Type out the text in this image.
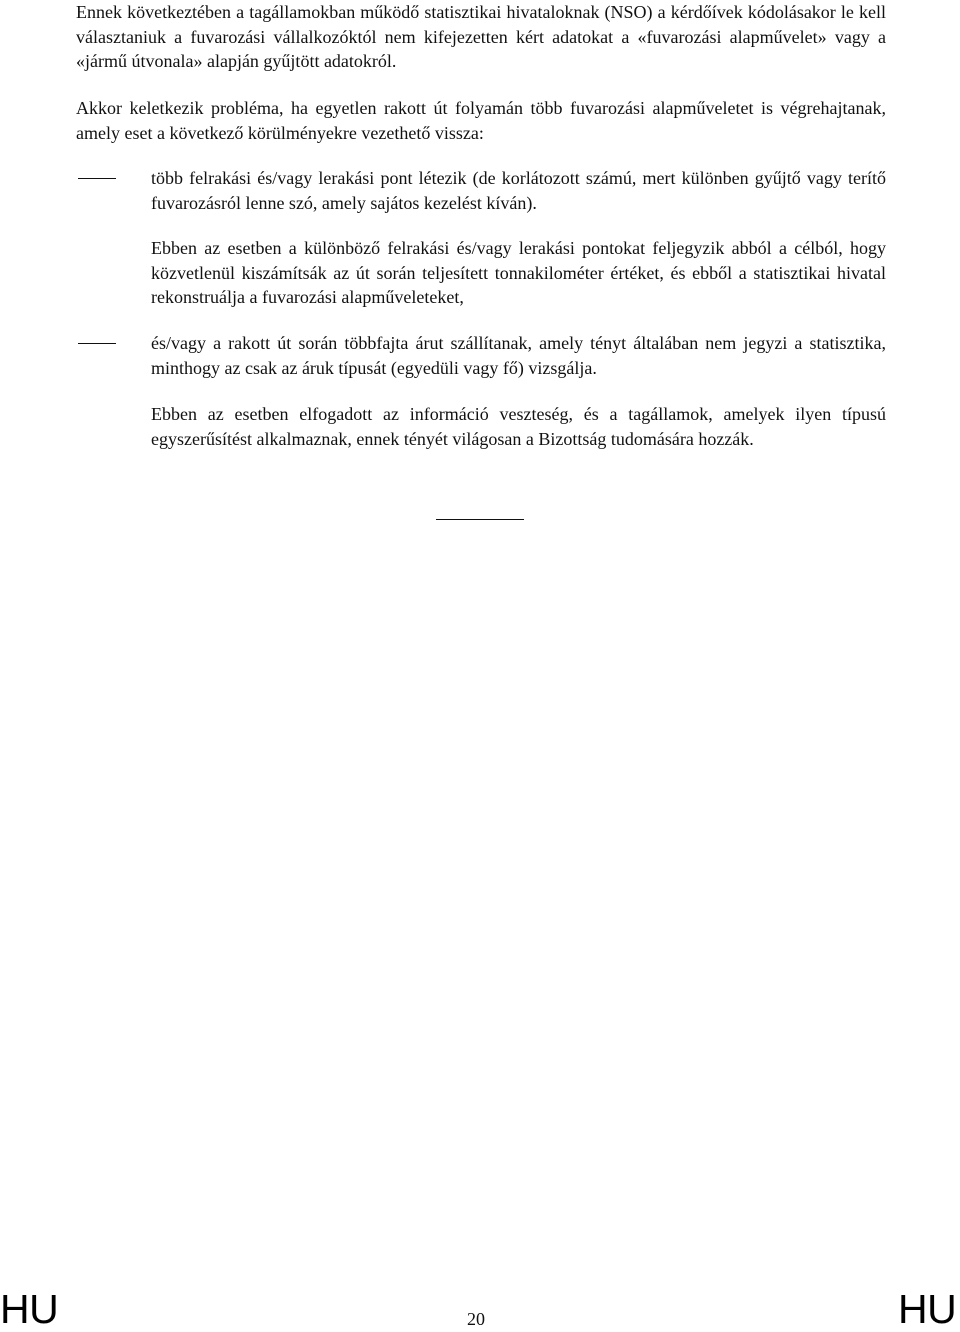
Ennek következtében a tagállamokban működő statisztikai hivataloknak (NSO) a kérdőívek kódolásakor le kell választaniuk a fuvarozási vállalkozóktól nem kifejezetten kért adatokat a «fuvarozási alapművelet» vagy a «jármű útvonala» alapján gyűjtött adatokról.

Akkor keletkezik probléma, ha egyetlen rakott út folyamán több fuvarozási alapműveletet is végrehajtanak, amely eset a következő körülményekre vezethető vissza:

több felrakási és/vagy lerakási pont létezik (de korlátozott számú, mert különben gyűjtő vagy terítő fuvarozásról lenne szó, amely sajátos kezelést kíván).

Ebben az esetben a különböző felrakási és/vagy lerakási pontokat feljegyzik abból a célból, hogy közvetlenül kiszámítsák az út során teljesített tonnakilométer értéket, és ebből a statisztikai hivatal rekonstruálja a fuvarozási alapműveleteket,

és/vagy a rakott út során többfajta árut szállítanak, amely tényt általában nem jegyzi a statisztika, minthogy az csak az áruk típusát (egyedüli vagy fő) vizsgálja.

Ebben az esetben elfogadott az információ veszteség, és a tagállamok, amelyek ilyen típusú egyszerűsítést alkalmaznak, ennek tényét világosan a Bizottság tudomására hozzák.

HU	20	HU
